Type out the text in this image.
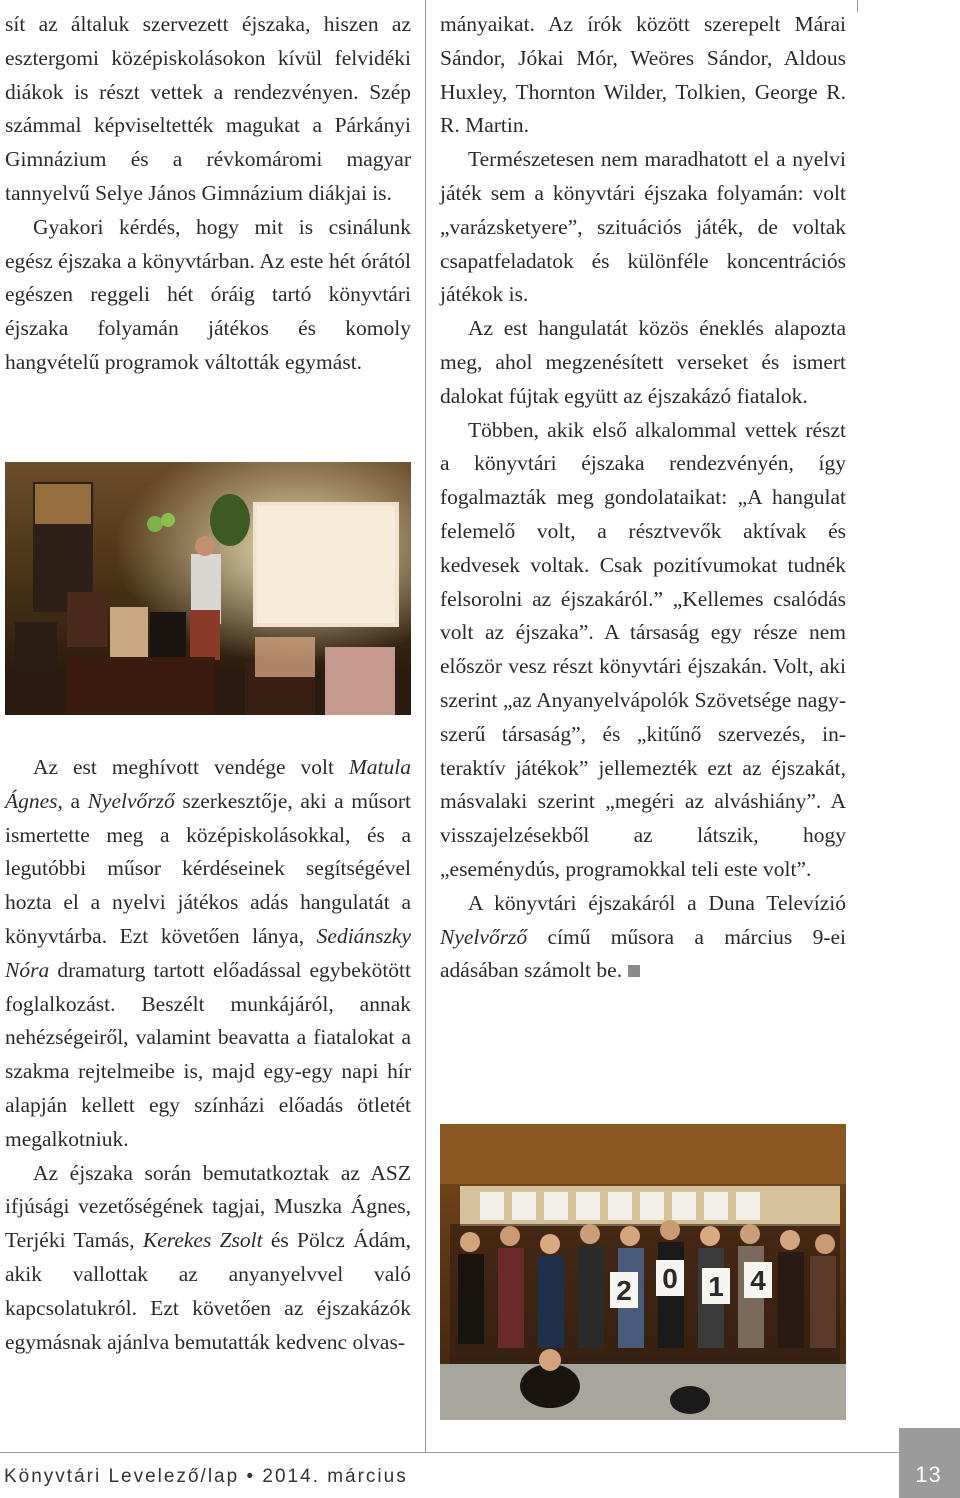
sít az általuk szervezett éjszaka, hiszen az esztergomi középiskolásokon kívül felvidéki diákok is részt vettek a rendezvényen. Szép számmal képviseltették magukat a Párkányi Gimnázium és a révkomáromi magyar tannyelvű Selye János Gimnázium diákjai is.

Gyakori kérdés, hogy mit is csinálunk egész éjszaka a könyvtárban. Az este hét órától egészen reggeli hét óráig tartó könyvtári éjszaka folyamán játékos és komoly hangvételű programok váltották egymást.

Az est meghívott vendége volt Matula Ágnes, a Nyelvőrző szerkesztője, aki a műsort ismertette meg a középiskolásokkal, és a legutóbbi műsor kérdéseinek segítségével hozta el a nyelvi játékos adás hangulatát a könyvtárba. Ezt követően lánya, Sediánszky Nóra dramaturg tartott előadással egybekötött foglalkozást. Beszélt munkájáról, annak nehézségeiről, valamint beavatta a fiatalokat a szakma rejtelmeibe is, majd egy-egy napi hír alapján kellett egy színházi előadás ötletét megalkotniuk.

Az éjszaka során bemutatkoztak az ASZ ifjúsági vezetőségének tagjai, Muszka Ágnes, Terjéki Tamás, Kerekes Zsolt és Pölcz Ádám, akik vallottak az anyanyelvvel való kapcsolatukról. Ezt követően az éjszakázók egymásnak ajánlva bemutatták kedvenc olvas-

mányaikat. Az írók között szerepelt Márai Sándor, Jókai Mór, Weöres Sándor, Aldous Huxley, Thornton Wilder, Tolkien, George R. R. Martin.

Természetesen nem maradhatott el a nyelvi játék sem a könyvtári éjszaka folyamán: volt „varázsketyere”, szituációs játék, de voltak csapatfeladatok és különféle koncentrációs játékok is.

Az est hangulatát közös éneklés alapozta meg, ahol megzenésített verseket és ismert dalokat fújtak együtt az éjszakázó fiatalok.

Többen, akik első alkalommal vettek részt a könyvtári éjszaka rendezvényén, így fogalmazták meg gondolataikat: „A hangulat felemelő volt, a résztvevők aktívak és kedvesek voltak. Csak pozitívumokat tudnék felsorolni az éjszakáról.” „Kellemes csalódás volt az éjszaka”. A társaság egy része nem először vesz részt könyvtári éjszakán. Volt, aki szerint „az Anyanyelvápolók Szövetsége nagyszerű társaság”, és „kitűnő szervezés, interaktív játékok” jellemezték ezt az éjszakát, másvalaki szerint „megéri az alváshiány”. A visszajelzésekből az látszik, hogy „eseménydús, programokkal teli este volt”.

A könyvtári éjszakáról a Duna Televízió Nyelvőrző című műsora a március 9-ei adásában számolt be.

2 0 1 4
Könyvtári Levelező/lap • 2014. március	13
